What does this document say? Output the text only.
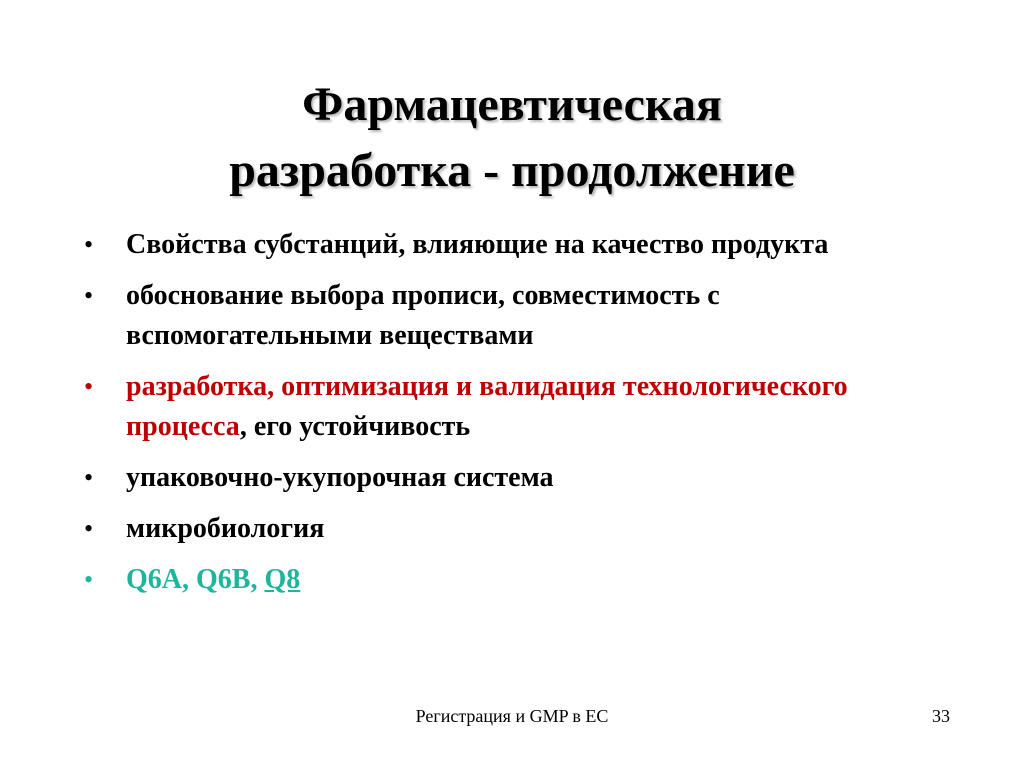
Фармацевтическая
разработка - продолжение
• Свойства субстанций, влияющие на качество продукта
• обоснование выбора прописи, совместимость с вспомогательными веществами
• разработка, оптимизация и валидация технологического процесса, его устойчивость
• упаковочно-укупорочная система
• микробиология
• Q6A, Q6B, Q8
Регистрация и GMP в ЕС	33
